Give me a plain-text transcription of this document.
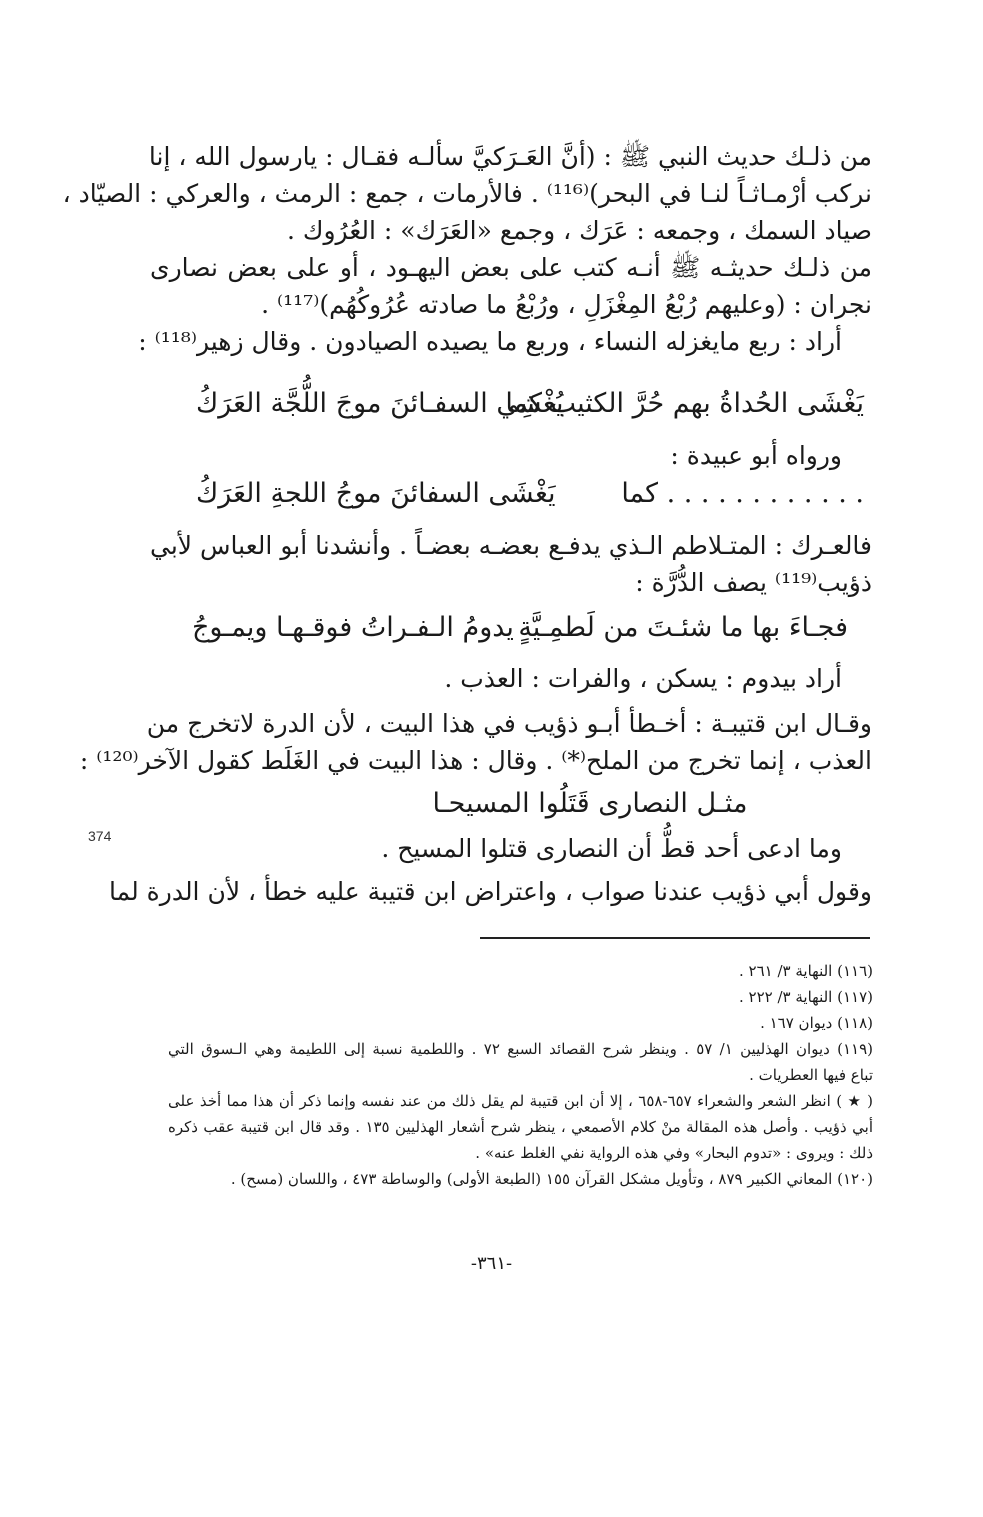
من ذلـك حديث النبي ﷺ : (أنَّ العَـرَكيَّ سألـه فقـال : يارسول الله ، إنا
نركب أرْمـاثـاً لنـا في البحر)⁽¹¹⁶⁾ . فالأرمات ، جمع : الرمث ، والعركي : الصيّاد ،
صياد السمك ، وجمعه : عَرَك ، وجمع «العَرَك» : العُرُوك .
من ذلـك حديثـه ﷺ أنـه كتب على بعض اليهـود ، أو على بعض نصارى
نجران : (وعليهم رُبْعُ المِغْزَلِ ، ورُبْعُ ما صادته عُرُوكُهُم)⁽¹¹⁷⁾ .
أراد : ربع مايغزله النساء ، وربع ما يصيده الصيادون . وقال زهير⁽¹¹⁸⁾ :
يَغْشَى الحُداةُ بهم حُرَّ الكثيب كما
يُغْشِي السفـائنَ موجَ اللُّجَّة العَرَكُ
ورواه أبو عبيدة :
. . . . . . . . . . . . كما
يَغْشَى السفائنَ موجُ اللجةِ العَرَكُ
فالعـرك : المتـلاطم الـذي يدفـع بعضـه بعضـاً . وأنشدنا أبو العباس لأبي
ذؤيب⁽¹¹⁹⁾ يصف الدُّرَّة :
فجـاءَ بها ما شئـتَ من لَطمِـيَّةٍ
يدومُ الـفـراتُ فوقـهـا ويمـوجُ
أراد بيدوم : يسكن ، والفرات : العذب .
وقـال ابن قتيبـة : أخـطأ أبـو ذؤيب في هذا البيت ، لأن الدرة لاتخرج من
العذب ، إنما تخرج من الملح⁽*⁾ . وقال : هذا البيت في الغَلَط كقول الآخر⁽¹²⁰⁾ :
مثـل النصارى قَتَلُوا المسيحـا
374	وما ادعى أحد قطُّ أن النصارى قتلوا المسيح .
وقول أبي ذؤيب عندنا صواب ، واعتراض ابن قتيبة عليه خطأ ، لأن الدرة لما
(١١٦) النهاية ٣/ ٢٦١ .
(١١٧) النهاية ٣/ ٢٢٢ .
(١١٨) ديوان ١٦٧ .
(١١٩) ديوان الهذليين ١/ ٥٧ . وينظر شرح القصائد السبع ٧٢ . واللطمية نسبة إلى اللطيمة وهي الـسوق التي
تباع فيها العطريات .
( ★ ) انظر الشعر والشعراء ٦٥٧-٦٥٨ ، إلا أن ابن قتيبة لم يقل ذلك من عند نفسه وإنما ذكر أن هذا مما أخذ على
أبي ذؤيب . وأصل هذه المقالة منْ كلام الأصمعي ، ينظر شرح أشعار الهذليين ١٣٥ . وقد قال ابن قتيبة عقب ذكره
ذلك : ويروى : «تدوم البحار» وفي هذه الرواية نفي الغلط عنه» .
(١٢٠) المعاني الكبير ٨٧٩ ، وتأويل مشكل القرآن ١٥٥ (الطبعة الأولى) والوساطة ٤٧٣ ، واللسان (مسح) .
-٣٦١-
